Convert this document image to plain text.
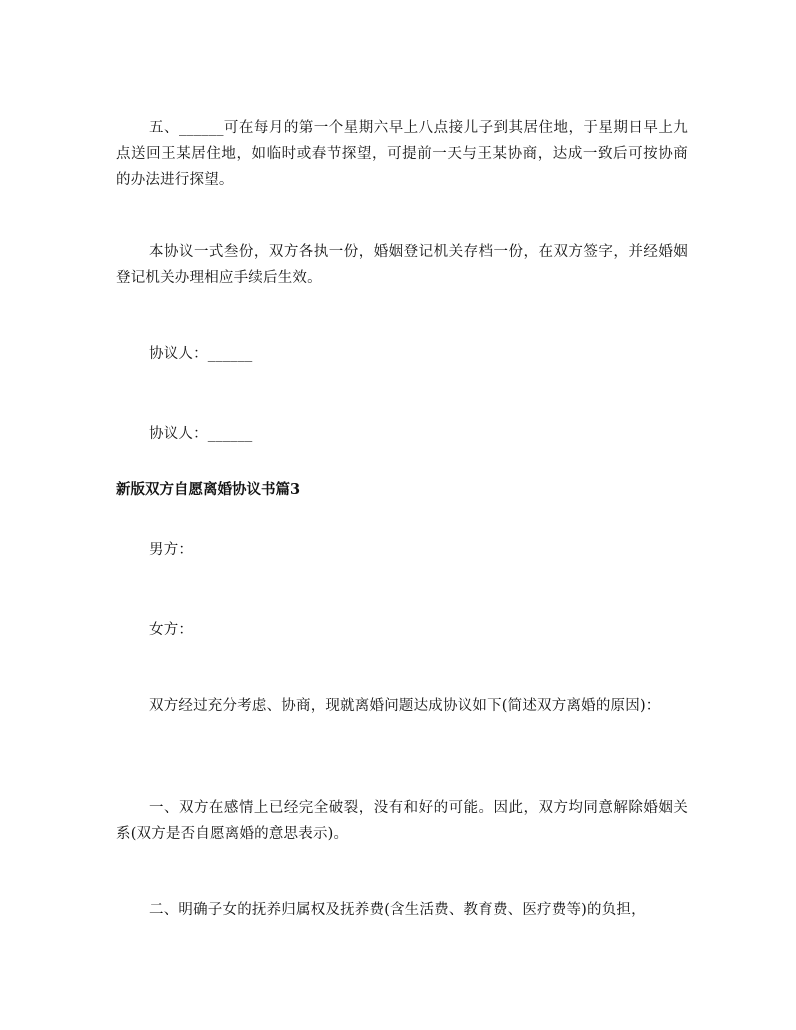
五、______可在每月的第一个星期六早上八点接儿子到其居住地，于星期日早上九点送回王某居住地，如临时或春节探望，可提前一天与王某协商，达成一致后可按协商的办法进行探望。

本协议一式叁份，双方各执一份，婚姻登记机关存档一份，在双方签字，并经婚姻登记机关办理相应手续后生效。

协议人：______

协议人：______

新版双方自愿离婚协议书篇3

男方：

女方：

双方经过充分考虑、协商，现就离婚问题达成协议如下(简述双方离婚的原因)：

一、双方在感情上已经完全破裂，没有和好的可能。因此，双方均同意解除婚姻关系(双方是否自愿离婚的意思表示)。

二、明确子女的抚养归属权及抚养费(含生活费、教育费、医疗费等)的负担，
